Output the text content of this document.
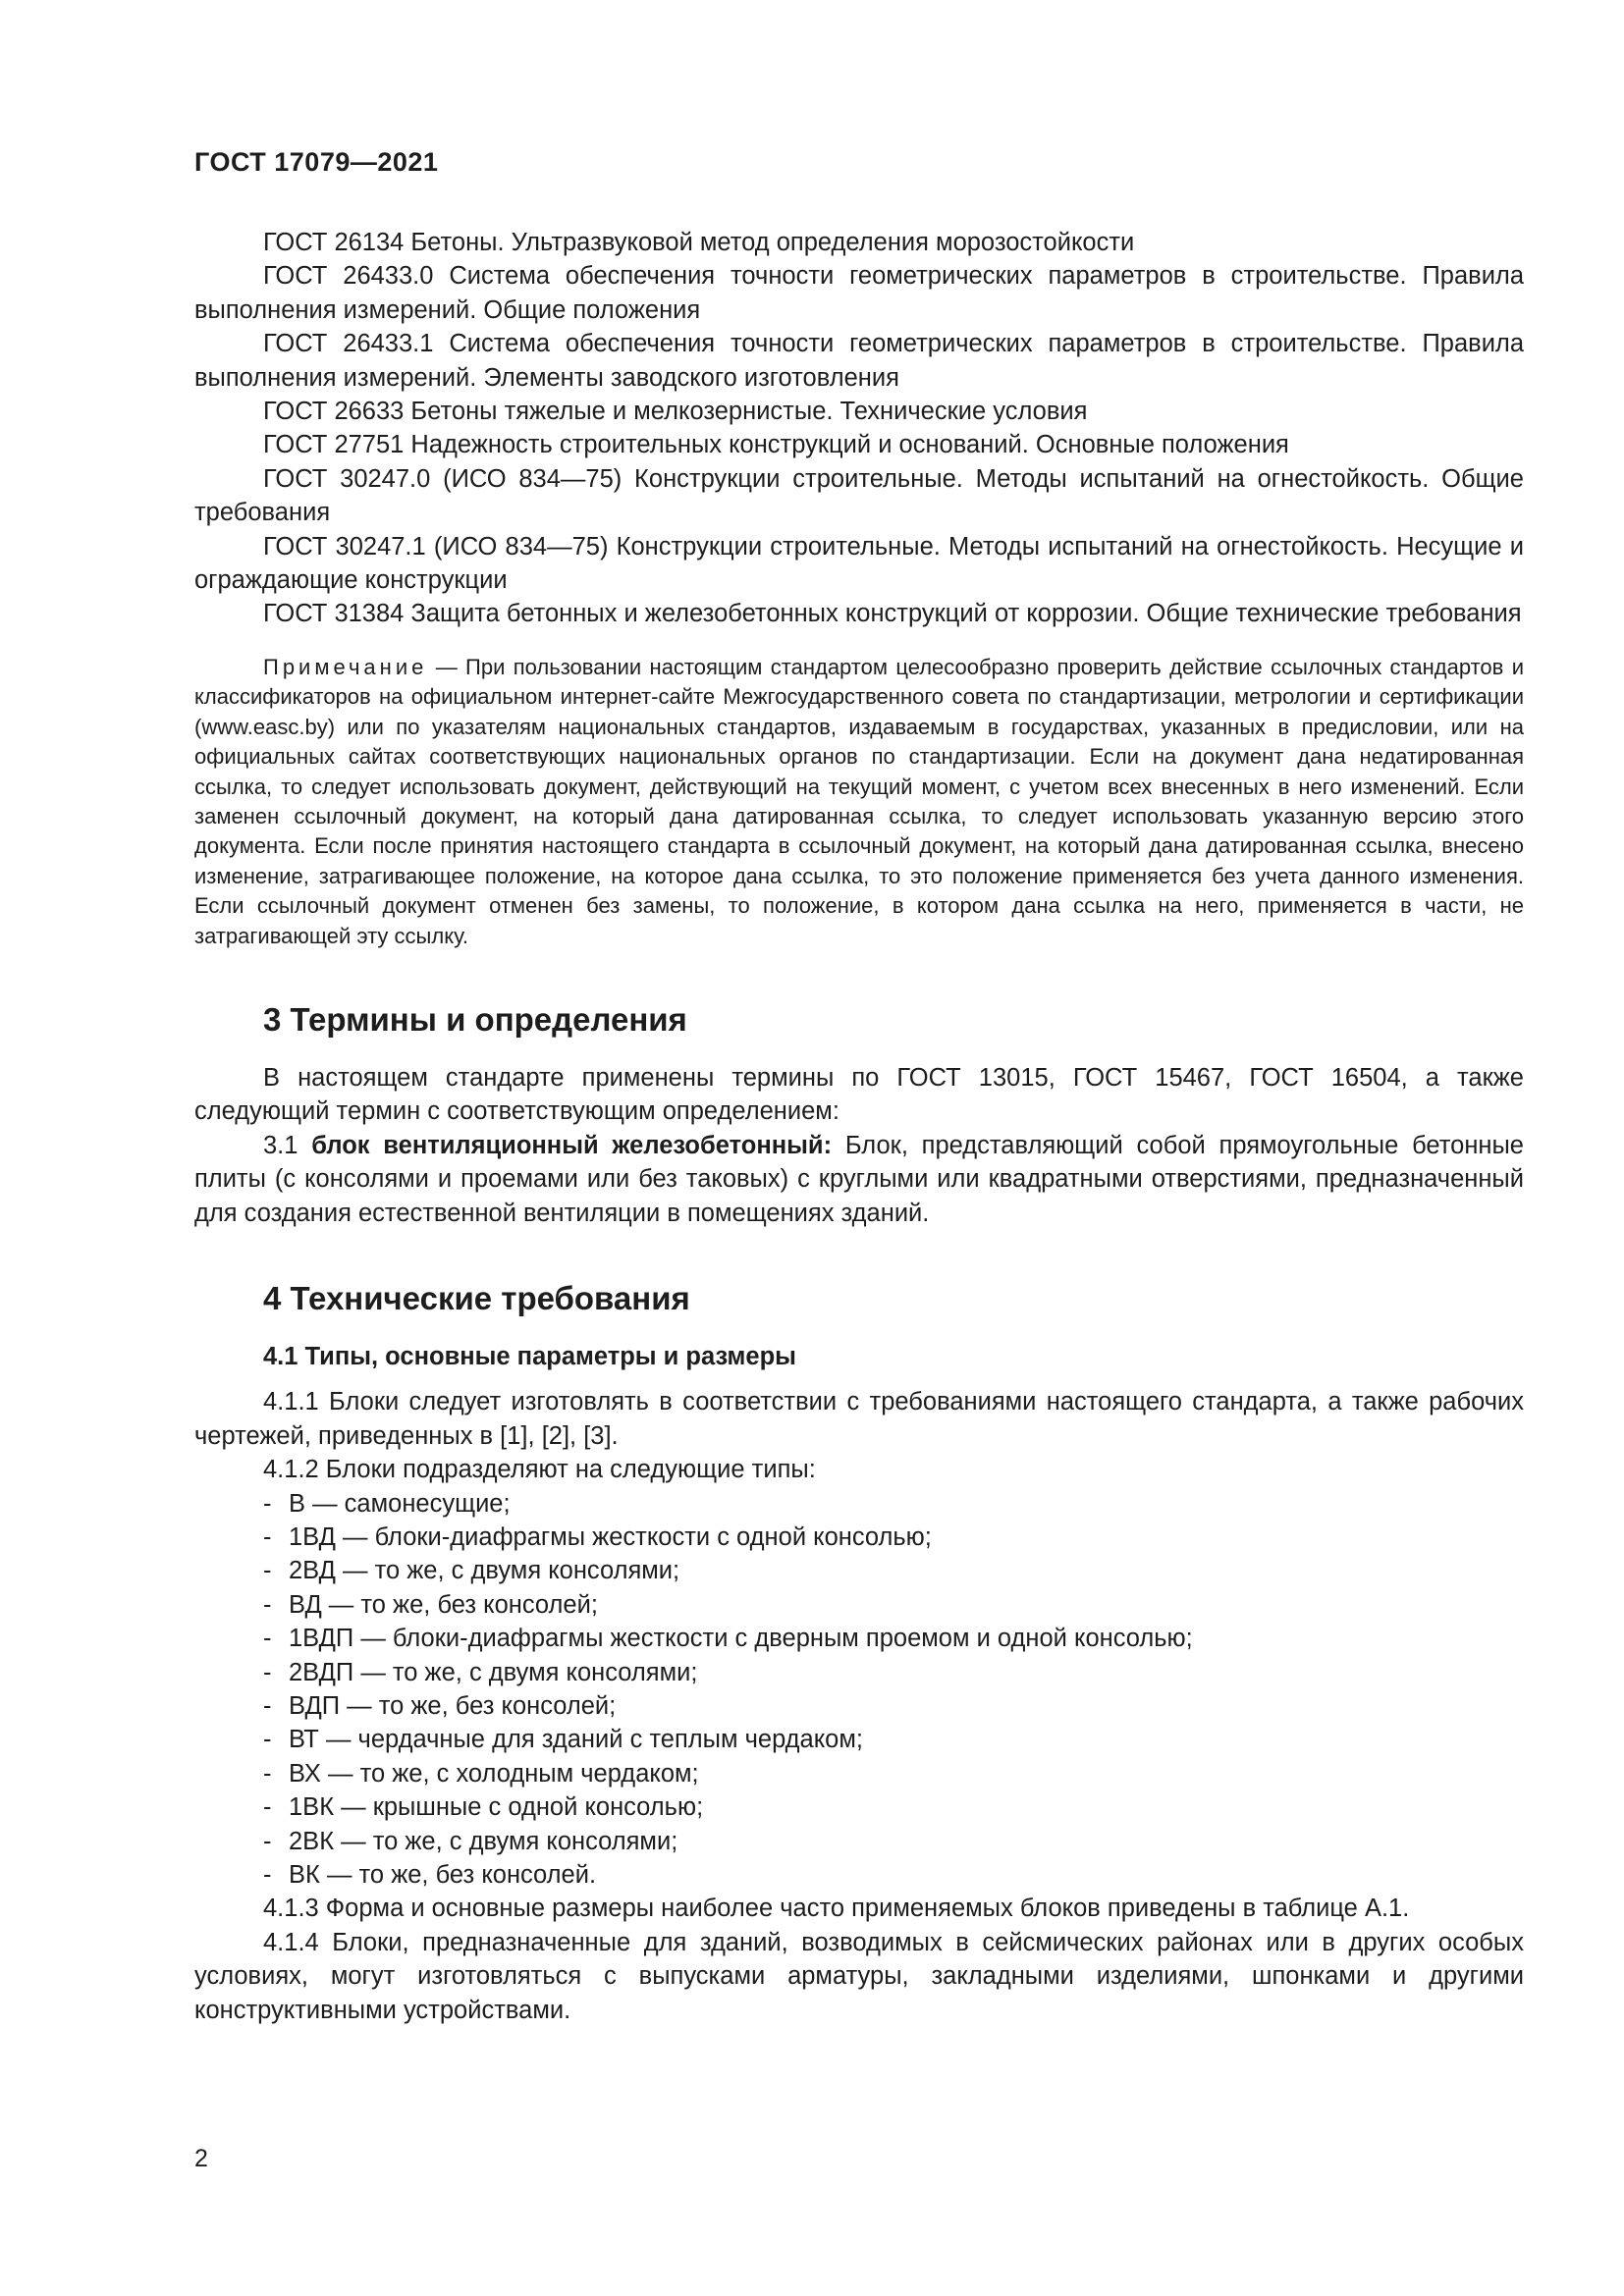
ГОСТ 17079—2021

ГОСТ 26134 Бетоны. Ультразвуковой метод определения морозостойкости

ГОСТ 26433.0 Система обеспечения точности геометрических параметров в строительстве. Правила выполнения измерений. Общие положения

ГОСТ 26433.1 Система обеспечения точности геометрических параметров в строительстве. Правила выполнения измерений. Элементы заводского изготовления

ГОСТ 26633 Бетоны тяжелые и мелкозернистые. Технические условия

ГОСТ 27751 Надежность строительных конструкций и оснований. Основные положения

ГОСТ 30247.0 (ИСО 834—75) Конструкции строительные. Методы испытаний на огнестойкость. Общие требования

ГОСТ 30247.1 (ИСО 834—75) Конструкции строительные. Методы испытаний на огнестойкость. Несущие и ограждающие конструкции

ГОСТ 31384 Защита бетонных и железобетонных конструкций от коррозии. Общие технические требования

Примечание — При пользовании настоящим стандартом целесообразно проверить действие ссылочных стандартов и классификаторов на официальном интернет-сайте Межгосударственного совета по стандартизации, метрологии и сертификации (www.easc.by) или по указателям национальных стандартов, издаваемым в государствах, указанных в предисловии, или на официальных сайтах соответствующих национальных органов по стандартизации. Если на документ дана недатированная ссылка, то следует использовать документ, действующий на текущий момент, с учетом всех внесенных в него изменений. Если заменен ссылочный документ, на который дана датированная ссылка, то следует использовать указанную версию этого документа. Если после принятия настоящего стандарта в ссылочный документ, на который дана датированная ссылка, внесено изменение, затрагивающее положение, на которое дана ссылка, то это положение применяется без учета данного изменения. Если ссылочный документ отменен без замены, то положение, в котором дана ссылка на него, применяется в части, не затрагивающей эту ссылку.

3 Термины и определения

В настоящем стандарте применены термины по ГОСТ 13015, ГОСТ 15467, ГОСТ 16504, а также следующий термин с соответствующим определением:

3.1 блок вентиляционный железобетонный: Блок, представляющий собой прямоугольные бетонные плиты (с консолями и проемами или без таковых) с круглыми или квадратными отверстиями, предназначенный для создания естественной вентиляции в помещениях зданий.

4 Технические требования
4.1 Типы, основные параметры и размеры

4.1.1 Блоки следует изготовлять в соответствии с требованиями настоящего стандарта, а также рабочих чертежей, приведенных в [1], [2], [3].

4.1.2 Блоки подразделяют на следующие типы:

- В — самонесущие;
- 1ВД — блоки-диафрагмы жесткости с одной консолью;
- 2ВД — то же, с двумя консолями;
- ВД — то же, без консолей;
- 1ВДП — блоки-диафрагмы жесткости с дверным проемом и одной консолью;
- 2ВДП — то же, с двумя консолями;
- ВДП — то же, без консолей;
- ВТ — чердачные для зданий с теплым чердаком;
- ВХ — то же, с холодным чердаком;
- 1ВК — крышные с одной консолью;
- 2ВК — то же, с двумя консолями;
- ВК — то же, без консолей.

4.1.3 Форма и основные размеры наиболее часто применяемых блоков приведены в таблице А.1.

4.1.4 Блоки, предназначенные для зданий, возводимых в сейсмических районах или в других особых условиях, могут изготовляться с выпусками арматуры, закладными изделиями, шпонками и другими конструктивными устройствами.

2
